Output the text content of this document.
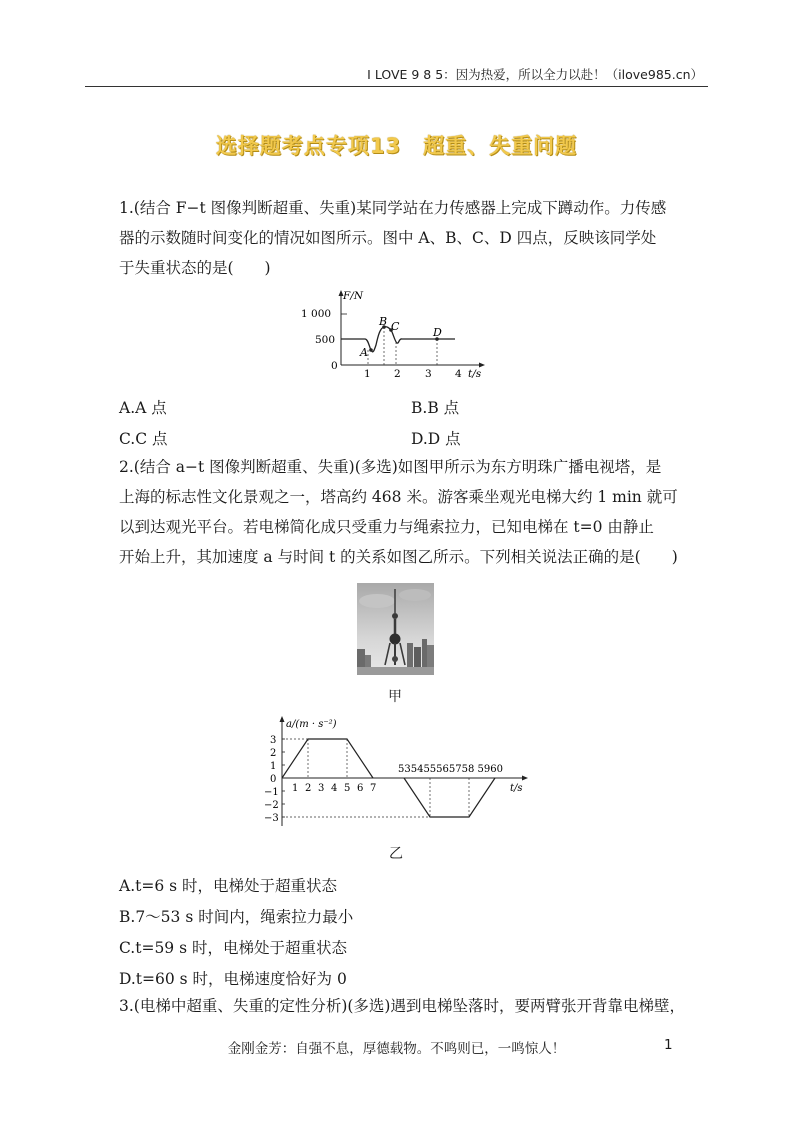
I LOVE 9 8 5：因为热爱，所以全力以赴！（ilove985.cn）
选择题考点专项13　超重、失重问题
1.(结合 F−t 图像判断超重、失重)某同学站在力传感器上完成下蹲动作。力传感
器的示数随时间变化的情况如图所示。图中 A、B、C、D 四点，反映该同学处
于失重状态的是(　　)
F/N
1 000
500
0
1 2 3 4 t/s
A
B C	D
A.A 点	B.B 点
C.C 点	D.D 点
2.(结合 a−t 图像判断超重、失重)(多选)如图甲所示为东方明珠广播电视塔，是
上海的标志性文化景观之一，塔高约 468 米。游客乘坐观光电梯大约 1 min 就可
以到达观光平台。若电梯简化成只受重力与绳索拉力，已知电梯在 t=0 由静止
开始上升，其加速度 a 与时间 t 的关系如图乙所示。下列相关说法正确的是(　　)
甲
a/(m · s⁻²)
3
2
1
0
−1
−2
−3
1 2 3 4 5 6 7
535455565758 5960
t/s
乙
A.t=6 s 时，电梯处于超重状态
B.7～53 s 时间内，绳索拉力最小
C.t=59 s 时，电梯处于超重状态
D.t=60 s 时，电梯速度恰好为 0
3.(电梯中超重、失重的定性分析)(多选)遇到电梯坠落时，要两臂张开背靠电梯壁，
金刚金芳：自强不息，厚德载物。不鸣则已，一鸣惊人！	1
